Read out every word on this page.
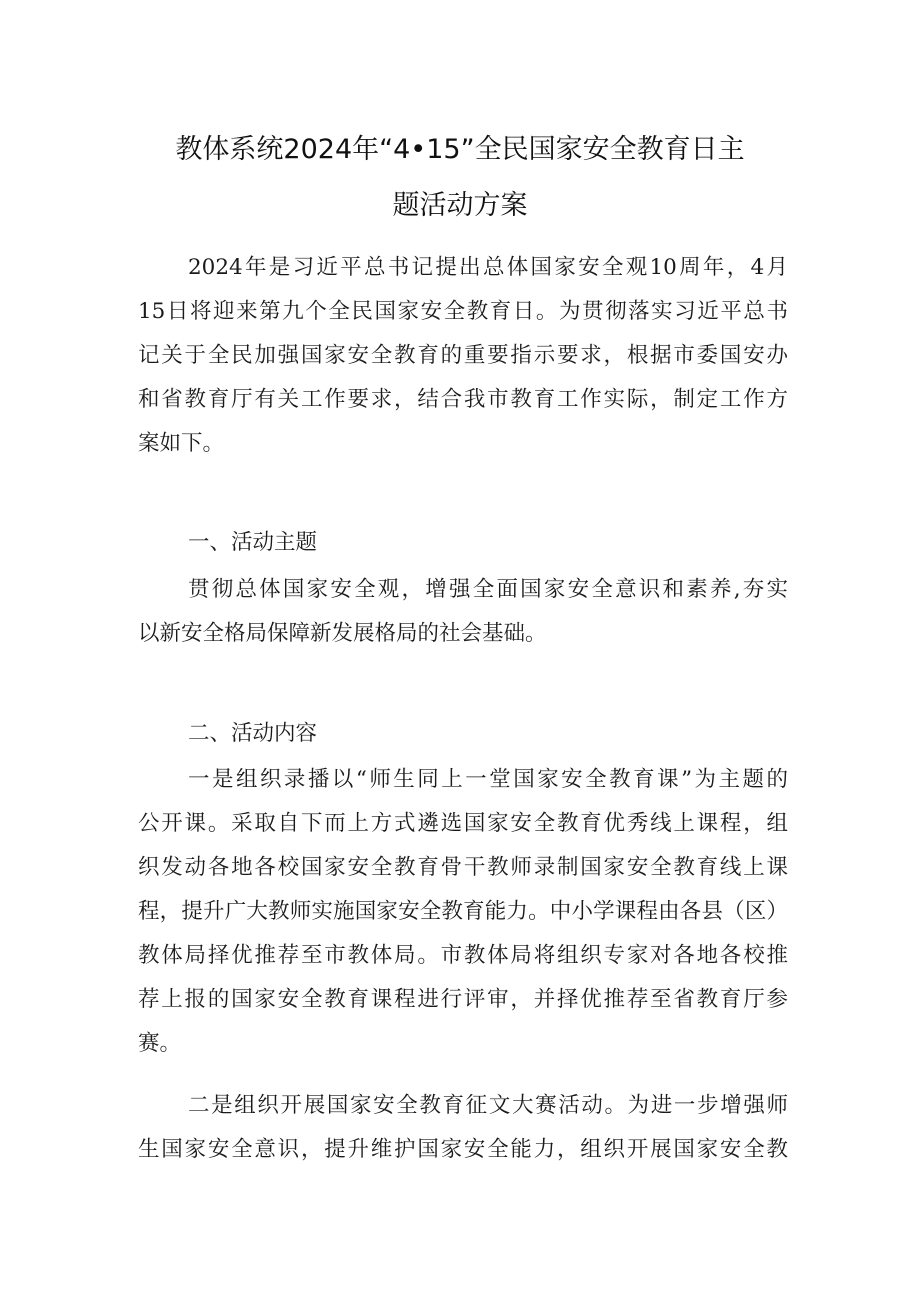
教体系统2024年“4•15”全民国家安全教育日主
题活动方案
2024年是习近平总书记提出总体国家安全观10周年，4月
15日将迎来第九个全民国家安全教育日。为贯彻落实习近平总书
记关于全民加强国家安全教育的重要指示要求，根据市委国安办
和省教育厅有关工作要求，结合我市教育工作实际，制定工作方
案如下。
一、活动主题
贯彻总体国家安全观，增强全面国家安全意识和素养,夯实
以新安全格局保障新发展格局的社会基础。
二、活动内容
一是组织录播以“师生同上一堂国家安全教育课”为主题的
公开课。采取自下而上方式遴选国家安全教育优秀线上课程，组
织发动各地各校国家安全教育骨干教师录制国家安全教育线上课
程，提升广大教师实施国家安全教育能力。中小学课程由各县（区）
教体局择优推荐至市教体局。市教体局将组织专家对各地各校推
荐上报的国家安全教育课程进行评审，并择优推荐至省教育厅参
赛。
二是组织开展国家安全教育征文大赛活动。为进一步增强师
生国家安全意识，提升维护国家安全能力，组织开展国家安全教
